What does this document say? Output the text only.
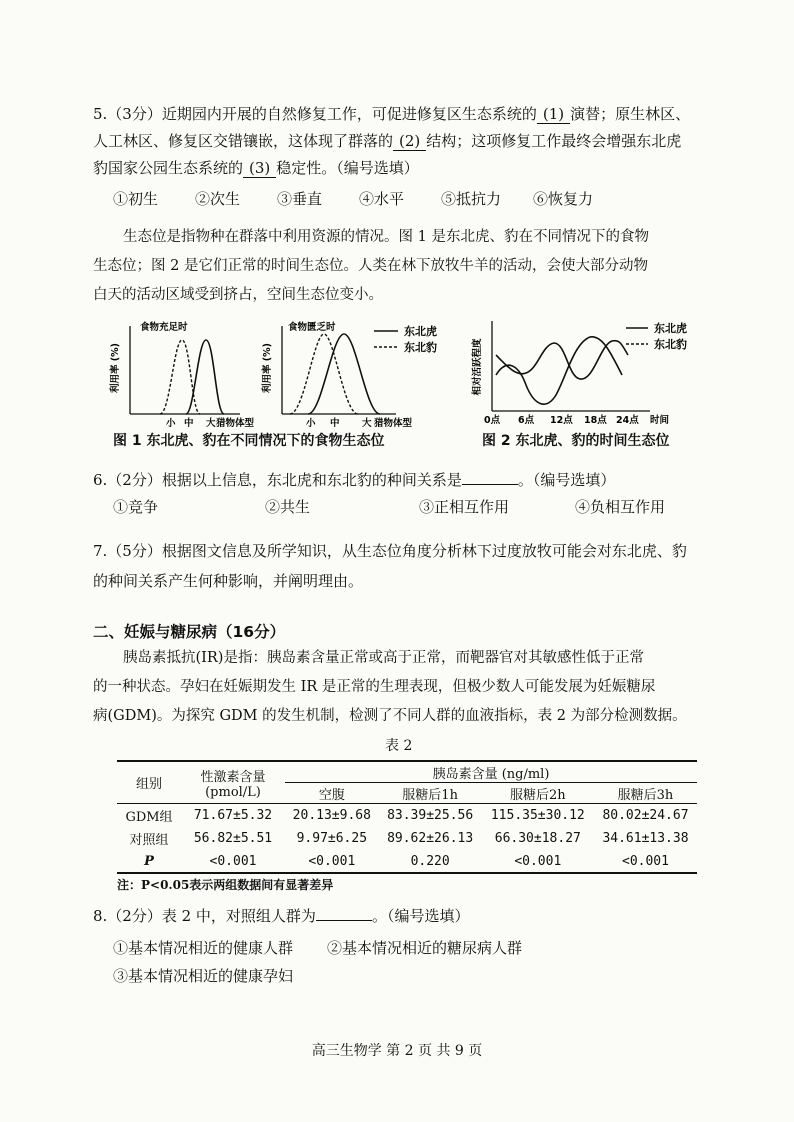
5.（3分）近期园内开展的自然修复工作，可促进修复区生态系统的 (1) 演替；原生林区、
人工林区、修复区交错镶嵌，这体现了群落的 (2) 结构；这项修复工作最终会增强东北虎
豹国家公园生态系统的 (3) 稳定性。（编号选填）
①初生 ②次生 ③垂直 ④水平 ⑤抵抗力 ⑥恢复力
生态位是指物种在群落中利用资源的情况。图 1 是东北虎、豹在不同情况下的食物
生态位；图 2 是它们正常的时间生态位。人类在林下放牧牛羊的活动，会使大部分动物
白天的活动区域受到挤占，空间生态位变小。
利用率 (%)
食物充足时
小 中 大 猎物体型
利用率 (%)
食物匮乏时
小 中 大 猎物体型
东北虎
东北豹
图 1 东北虎、豹在不同情况下的食物生态位
相对活跃程度
0点 6点 12点 18点 24点 时间
东北虎
东北豹
图 2 东北虎、豹的时间生态位
6.（2分）根据以上信息，东北虎和东北豹的种间关系是	。（编号选填）
①竞争	②共生	③正相互作用	④负相互作用
7.（5分）根据图文信息及所学知识，从生态位角度分析林下过度放牧可能会对东北虎、豹
的种间关系产生何种影响，并阐明理由。
二、妊娠与糖尿病（16分）
胰岛素抵抗(IR)是指：胰岛素含量正常或高于正常，而靶器官对其敏感性低于正常
的一种状态。孕妇在妊娠期发生 IR 是正常的生理表现，但极少数人可能发展为妊娠糖尿
病(GDM)。为探究 GDM 的发生机制，检测了不同人群的血液指标，表 2 为部分检测数据。
表 2
组别	性激素含量
(pmol/L)	胰岛素含量 (ng/ml)			
		空腹	服糖后1h	服糖后2h	服糖后3h
GDM组	71.67±5.32	20.13±9.68	83.39±25.56	115.35±30.12	80.02±24.67
对照组	56.82±5.51	9.97±6.25	89.62±26.13	66.30±18.27	34.61±13.38
P	<0.001	<0.001	0.220	<0.001	<0.001
注：P<0.05表示两组数据间有显著差异
8.（2分）表 2 中，对照组人群为	。（编号选填）
①基本情况相近的健康人群 ②基本情况相近的糖尿病人群
③基本情况相近的健康孕妇
高三生物学 第 2 页 共 9 页
